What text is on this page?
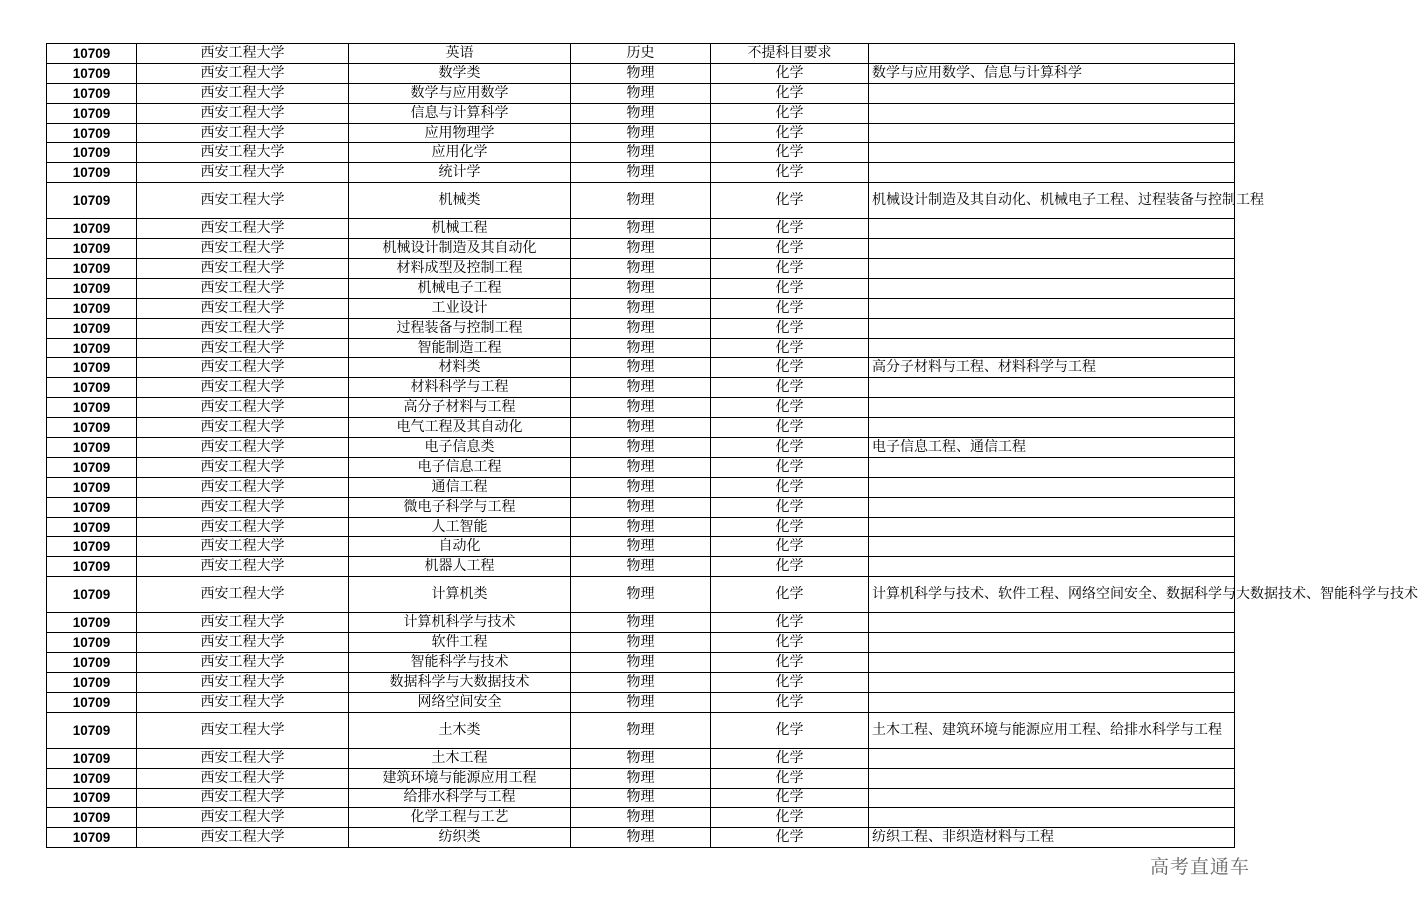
10709	西安工程大学	英语	历史	不提科目要求	
10709	西安工程大学	数学类	物理	化学	数学与应用数学、信息与计算科学
10709	西安工程大学	数学与应用数学	物理	化学	
10709	西安工程大学	信息与计算科学	物理	化学	
10709	西安工程大学	应用物理学	物理	化学	
10709	西安工程大学	应用化学	物理	化学	
10709	西安工程大学	统计学	物理	化学	
10709	西安工程大学	机械类	物理	化学	机械设计制造及其自动化、机械电子工程、过程装备与控制工程
10709	西安工程大学	机械工程	物理	化学	
10709	西安工程大学	机械设计制造及其自动化	物理	化学	
10709	西安工程大学	材料成型及控制工程	物理	化学	
10709	西安工程大学	机械电子工程	物理	化学	
10709	西安工程大学	工业设计	物理	化学	
10709	西安工程大学	过程装备与控制工程	物理	化学	
10709	西安工程大学	智能制造工程	物理	化学	
10709	西安工程大学	材料类	物理	化学	高分子材料与工程、材料科学与工程
10709	西安工程大学	材料科学与工程	物理	化学	
10709	西安工程大学	高分子材料与工程	物理	化学	
10709	西安工程大学	电气工程及其自动化	物理	化学	
10709	西安工程大学	电子信息类	物理	化学	电子信息工程、通信工程
10709	西安工程大学	电子信息工程	物理	化学	
10709	西安工程大学	通信工程	物理	化学	
10709	西安工程大学	微电子科学与工程	物理	化学	
10709	西安工程大学	人工智能	物理	化学	
10709	西安工程大学	自动化	物理	化学	
10709	西安工程大学	机器人工程	物理	化学	
10709	西安工程大学	计算机类	物理	化学	计算机科学与技术、软件工程、网络空间安全、数据科学与大数据技术、智能科学与技术
10709	西安工程大学	计算机科学与技术	物理	化学	
10709	西安工程大学	软件工程	物理	化学	
10709	西安工程大学	智能科学与技术	物理	化学	
10709	西安工程大学	数据科学与大数据技术	物理	化学	
10709	西安工程大学	网络空间安全	物理	化学	
10709	西安工程大学	土木类	物理	化学	土木工程、建筑环境与能源应用工程、给排水科学与工程
10709	西安工程大学	土木工程	物理	化学	
10709	西安工程大学	建筑环境与能源应用工程	物理	化学	
10709	西安工程大学	给排水科学与工程	物理	化学	
10709	西安工程大学	化学工程与工艺	物理	化学	
10709	西安工程大学	纺织类	物理	化学	纺织工程、非织造材料与工程
高考直通车
